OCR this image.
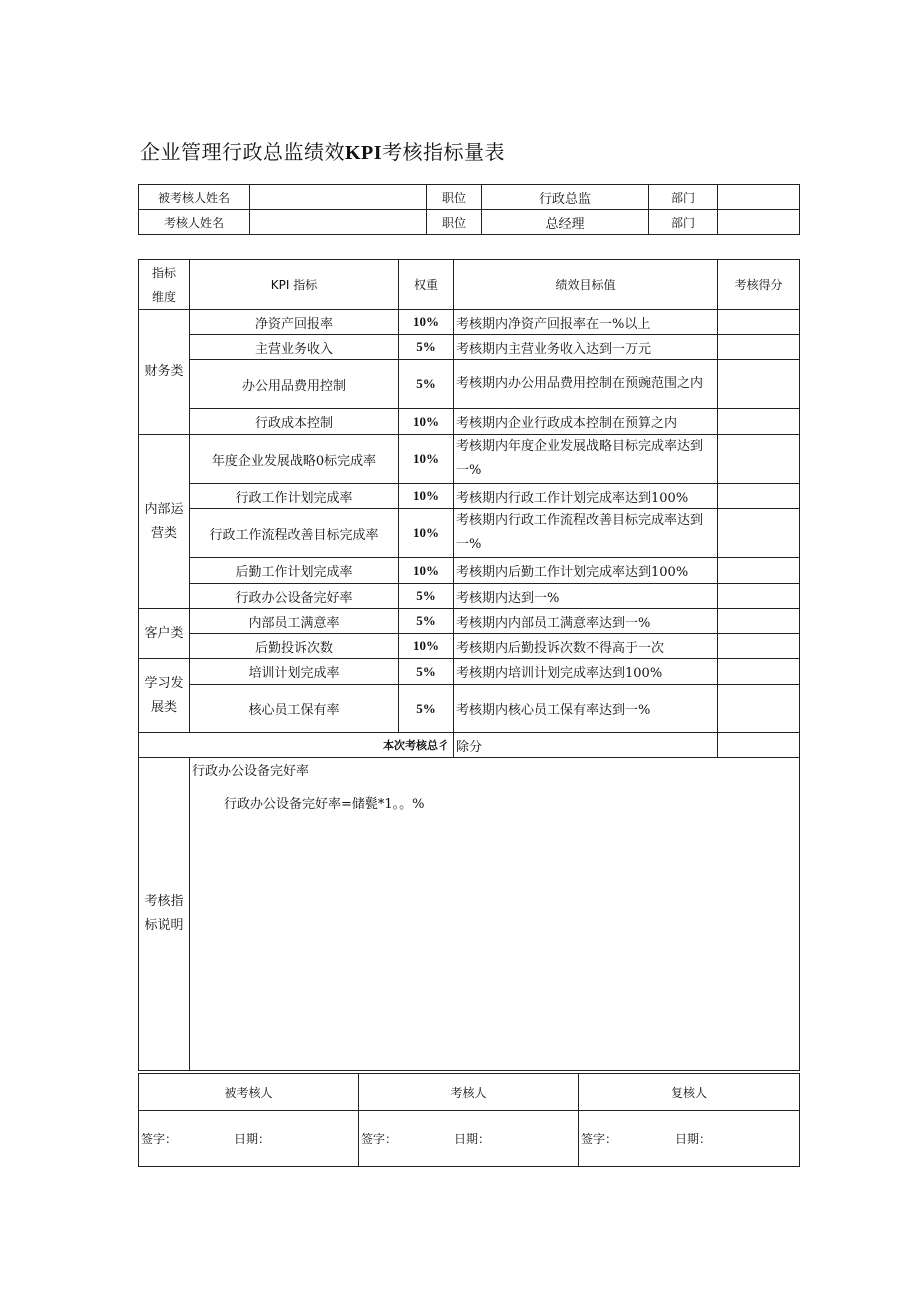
企业管理行政总监绩效KPI考核指标量表
被考核人姓名		职位	行政总监	部门	
考核人姓名		职位	总经理	部门	
指标
维度	KPI 指标	权重	绩效目标值	考核得分
财务类	净资产回报率	10%	考核期内净资产回报率在一%以上	
	主营业务收入	5%	考核期内主营业务收入达到一万元	
	办公用品费用控制	5%	考核期内办公用品费用控制在预豌范围之内	
	行政成本控制	10%	考核期内企业行政成本控制在预算之内	
内部运营类	年度企业发展战略0标完成率	10%	考核期内年度企业发展战略目标完成率达到一%	
	行政工作计划完成率	10%	考核期内行政工作计划完成率达到100%	
	行政工作流程改善目标完成率	10%	考核期内行政工作流程改善目标完成率达到一%	
	后勤工作计划完成率	10%	考核期内后勤工作计划完成率达到100%	
	行政办公设备完好率	5%	考核期内达到一%	
客户类	内部员工满意率	5%	考核期内内部员工满意率达到一%	
	后勤投诉次数	10%	考核期内后勤投诉次数不得高于一次	
学习发展类	培训计划完成率	5%	考核期内培训计划完成率达到100%	
	核心员工保有率	5%	考核期内核心员工保有率达到一%	
本次考核总彳			除分	
考核指标说明	行政办公设备完好率
行政办公设备完好率=储甏*1。。%			
被考核人	考核人	复核人

签字： 日期：	签字： 日期：	签字： 日期：
